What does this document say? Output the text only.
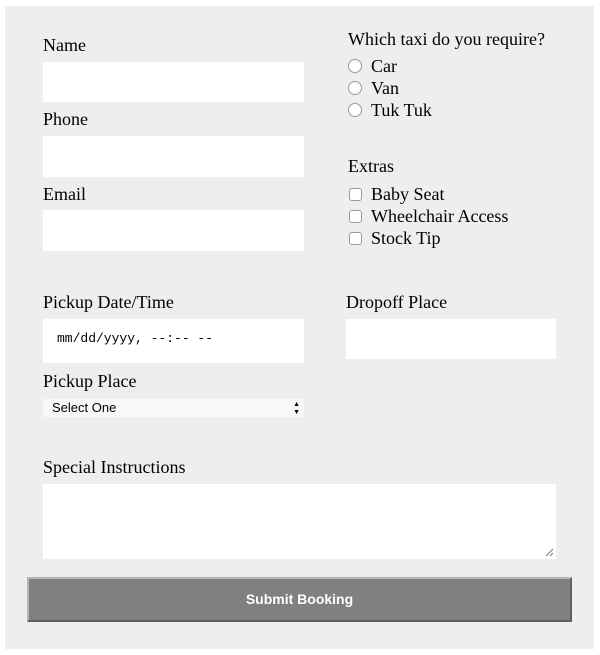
Name
Phone
Email
Which taxi do you require?
Car
Van
Tuk Tuk
Extras
Baby Seat
Wheelchair Access
Stock Tip
Pickup Date/Time
mm/dd/yyyy, --:-- --
Dropoff Place
Pickup Place
Select One	▲
▼
Special Instructions
Submit Booking
